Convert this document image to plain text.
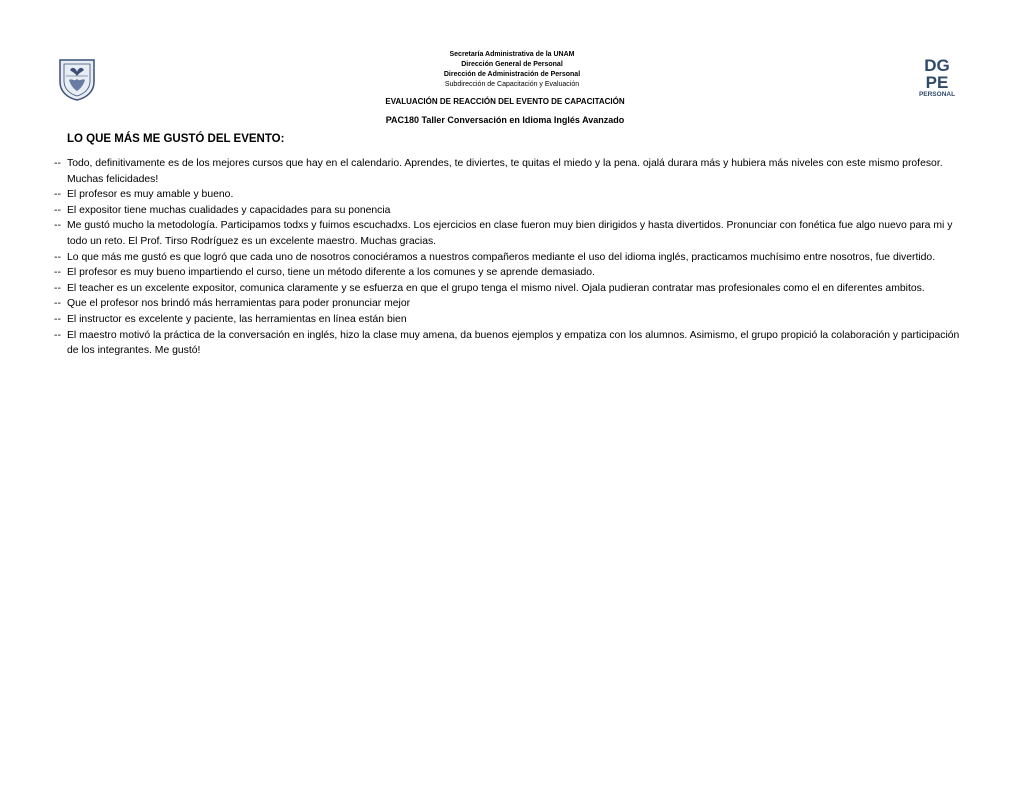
Secretaría Administrativa de la UNAM
Dirección General de Personal
Dirección de Administración de Personal
Subdirección de Capacitación y Evaluación
DG
PE
PERSONAL
EVALUACIÓN DE REACCIÓN DEL EVENTO DE CAPACITACIÓN
PAC180 Taller Conversación en Idioma Inglés Avanzado
LO QUE MÁS ME GUSTÓ DEL EVENTO:
-- Todo, definitivamente es de los mejores cursos que hay en el calendario. Aprendes, te diviertes, te quitas el miedo y la pena. ojalá durara más y hubiera más niveles con este mismo profesor. Muchas felicidades!
-- El profesor es muy amable y bueno.
-- El expositor tiene muchas cualidades y capacidades para su ponencia
-- Me gustó mucho la metodología. Participamos todxs y fuimos escuchadxs. Los ejercicios en clase fueron muy bien dirigidos y hasta divertidos. Pronunciar con fonética fue algo nuevo para mi y todo un reto. El Prof. Tirso Rodríguez es un excelente maestro. Muchas gracias.
-- Lo que más me gustó es que logró que cada uno de nosotros conociéramos a nuestros compañeros mediante el uso del idioma inglés, practicamos muchísimo entre nosotros, fue divertido.
-- El profesor es muy bueno impartiendo el curso, tiene un método diferente a los comunes y se aprende demasiado.
-- El teacher es un excelente expositor, comunica claramente y se esfuerza en que el grupo tenga el mismo nivel. Ojala pudieran contratar mas profesionales como el en diferentes ambitos.
-- Que el profesor nos brindó más herramientas para poder pronunciar mejor
-- El instructor es excelente y paciente, las herramientas en línea están bien
-- El maestro motivó la práctica de la conversación en inglés, hizo la clase muy amena, da buenos ejemplos y empatiza con los alumnos. Asimismo, el grupo propició la colaboración y participación de los integrantes. Me gustó!
